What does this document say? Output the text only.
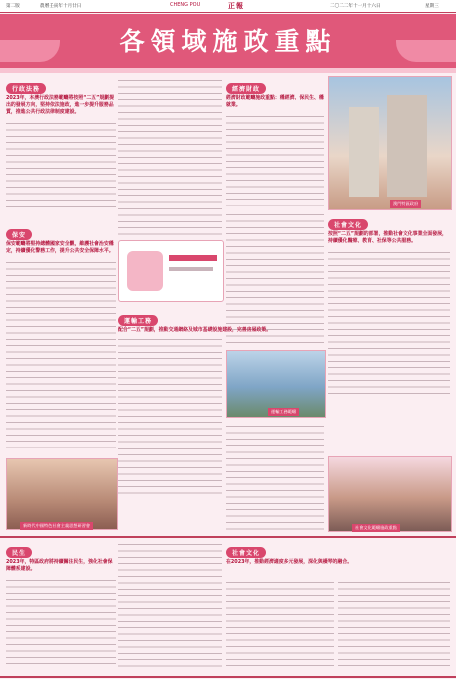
第二版	農曆壬寅年十月廿日	CHENG POU	正報	二〇二二年十一月十六日	星期三
各領域施政重點
行政法務
2023年，本澳行政法務範疇將按照“二五”規劃提出的發展方向，堅持依法施政，進一步提升服務品質，推進公共行政法律制度建設。
經濟財政
經濟財政範疇施政重點：穩經濟、保民生、穩就業。
澳門特區政府
保安
保安範疇將堅持總體國家安全觀，維護社會治安穩定，持續優化警務工作，提升公共安全保障水平。
社會文化
按照“二五”規劃的部署，推動社會文化事業全面發展，持續優化醫療、教育、社保等公共服務。
運輸工務
配合“二五”規劃，推動交通網絡及城市基礎設施建設，完善房屋政策。
運輸工務範疇
新時代中國特色社會主義思想研習會	社會文化範疇施政重點
民生
2023年，特區政府將持續關注民生，強化社會保障體系建設。
社會文化
在2023年，推動經濟適度多元發展，深化與橫琴的融合。
